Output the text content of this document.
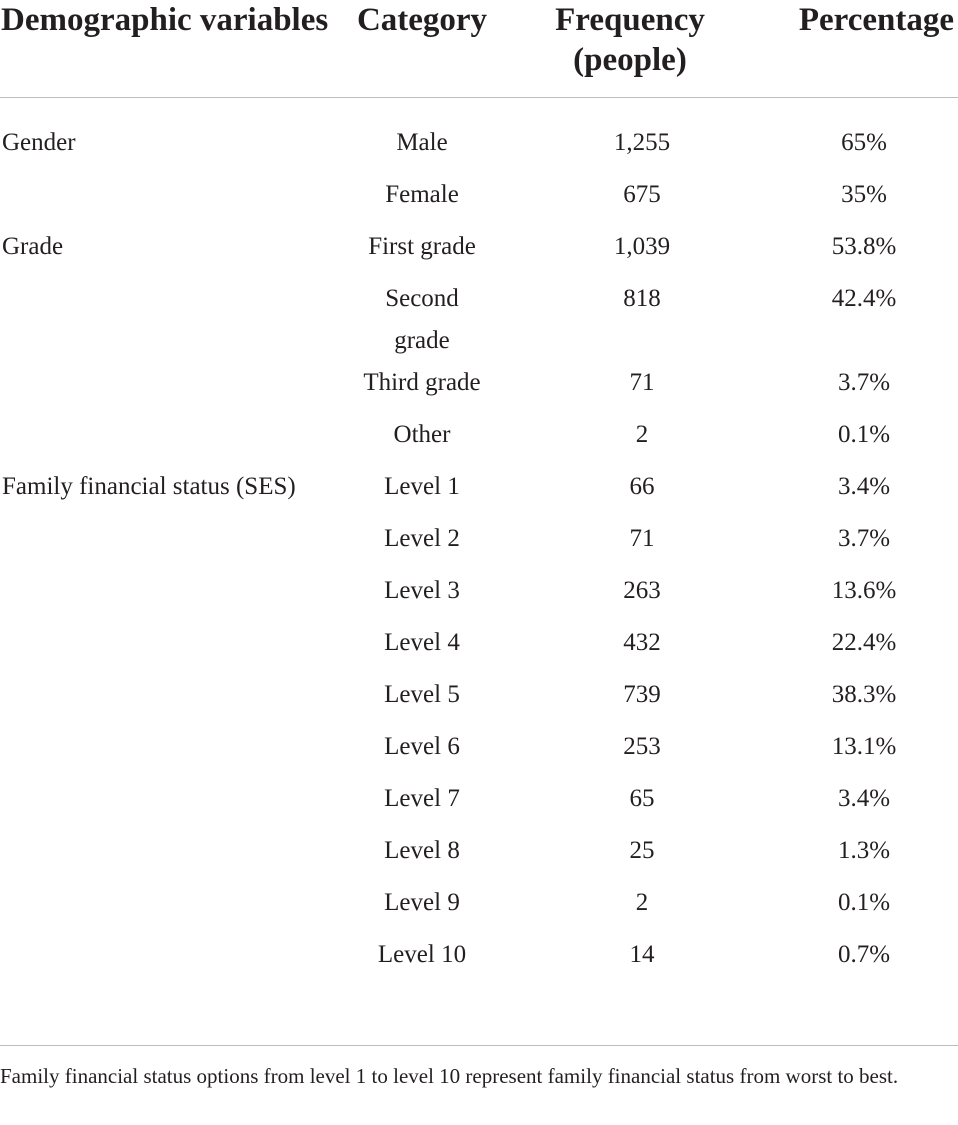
Demographic variables	Category	Frequency (people)	Percentage
Gender	Male	1,255	65%
	Female	675	35%
Grade	First grade	1,039	53.8%
	Second grade	818	42.4%
	Third grade	71	3.7%
	Other	2	0.1%
Family financial status (SES)	Level 1	66	3.4%
	Level 2	71	3.7%
	Level 3	263	13.6%
	Level 4	432	22.4%
	Level 5	739	38.3%
	Level 6	253	13.1%
	Level 7	65	3.4%
	Level 8	25	1.3%
	Level 9	2	0.1%
	Level 10	14	0.7%
Family financial status options from level 1 to level 10 represent family financial status from worst to best.
